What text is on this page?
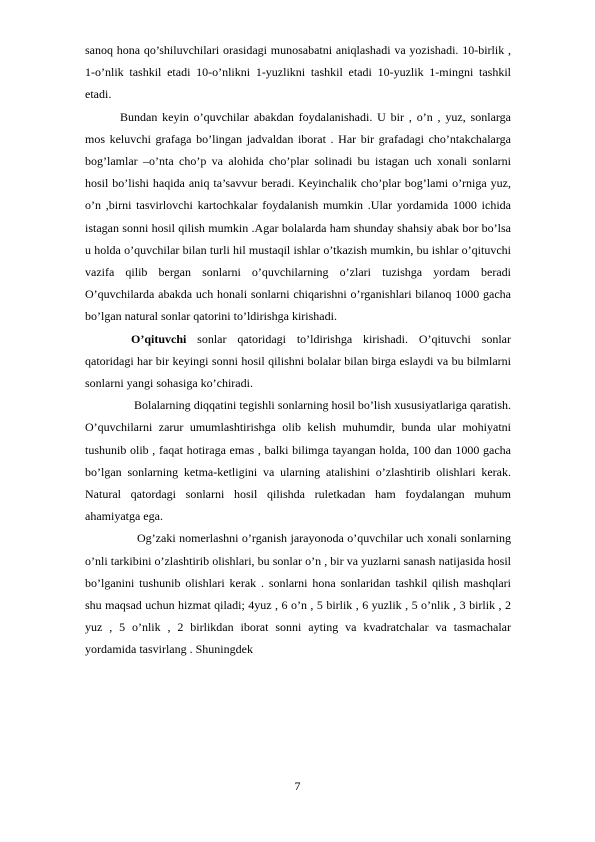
sanoq hona qo’shiluvchilari orasidagi munosabatni aniqlashadi va yozishadi. 10-birlik , 1-o’nlik tashkil etadi 10-o’nlikni 1-yuzlikni tashkil etadi 10-yuzlik 1-mingni tashkil etadi.

Bundan keyin o’quvchilar abakdan foydalanishadi. U bir , o’n , yuz, sonlarga mos keluvchi grafaga bo’lingan jadvaldan iborat . Har bir grafadagi cho’ntakchalarga bog’lamlar –o’nta cho’p va alohida cho’plar solinadi bu istagan uch xonali sonlarni hosil bo’lishi haqida aniq ta’savvur beradi. Keyinchalik cho’plar bog’lami o’rniga yuz, o’n ,birni tasvirlovchi kartochkalar foydalanish mumkin .Ular yordamida 1000 ichida istagan sonni hosil qilish mumkin .Agar bolalarda ham shunday shahsiy abak bor bo’lsa u holda o’quvchilar bilan turli hil mustaqil ishlar o’tkazish mumkin, bu ishlar o’qituvchi vazifa qilib bergan sonlarni o’quvchilarning o’zlari tuzishga yordam beradi O’quvchilarda abakda uch honali sonlarni chiqarishni o’rganishlari bilanoq 1000 gacha bo’lgan natural sonlar qatorini to’ldirishga kirishadi.

O’qituvchi sonlar qatoridagi to’ldirishga kirishadi. O’qituvchi sonlar qatoridagi har bir keyingi sonni hosil qilishni bolalar bilan birga eslaydi va bu bilmlarni sonlarni yangi sohasiga ko’chiradi.

Bolalarning diqqatini tegishli sonlarning hosil bo’lish xususiyatlariga qaratish. O’quvchilarni zarur umumlashtirishga olib kelish muhumdir, bunda ular mohiyatni tushunib olib , faqat hotiraga emas , balki bilimga tayangan holda, 100 dan 1000 gacha bo’lgan sonlarning ketma-ketligini va ularning atalishini o’zlashtirib olishlari kerak. Natural qatordagi sonlarni hosil qilishda ruletkadan ham foydalangan muhum ahamiyatga ega.

Og’zaki nomerlashni o’rganish jarayonoda o’quvchilar uch xonali sonlarning o’nli tarkibini o’zlashtirib olishlari, bu sonlar o’n , bir va yuzlarni sanash natijasida hosil bo’lganini tushunib olishlari kerak . sonlarni hona sonlaridan tashkil qilish mashqlari shu maqsad uchun hizmat qiladi; 4yuz , 6 o’n , 5 birlik , 6 yuzlik , 5 o’nlik , 3 birlik , 2 yuz , 5 o’nlik , 2 birlikdan iborat sonni ayting va kvadratchalar va tasmachalar yordamida tasvirlang . Shuningdek

7
